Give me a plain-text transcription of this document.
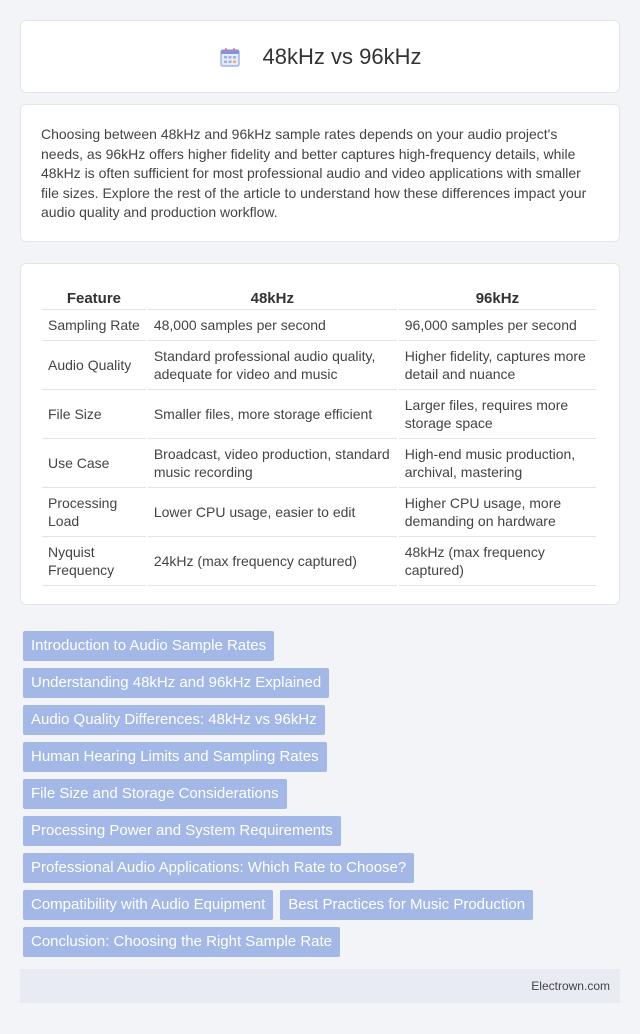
48kHz vs 96kHz

Choosing between 48kHz and 96kHz sample rates depends on your audio project's needs, as 96kHz offers higher fidelity and better captures high-frequency details, while 48kHz is often sufficient for most professional audio and video applications with smaller file sizes. Explore the rest of the article to understand how these differences impact your audio quality and production workflow.

Feature	48kHz	96kHz
Sampling Rate	48,000 samples per second	96,000 samples per second
Audio Quality	Standard professional audio quality, adequate for video and music	Higher fidelity, captures more detail and nuance
File Size	Smaller files, more storage efficient	Larger files, requires more storage space
Use Case	Broadcast, video production, standard music recording	High-end music production, archival, mastering
Processing Load	Lower CPU usage, easier to edit	Higher CPU usage, more demanding on hardware
Nyquist Frequency	24kHz (max frequency captured)	48kHz (max frequency captured)
Introduction to Audio Sample Rates
Understanding 48kHz and 96kHz Explained
Audio Quality Differences: 48kHz vs 96kHz
Human Hearing Limits and Sampling Rates
File Size and Storage Considerations
Processing Power and System Requirements
Professional Audio Applications: Which Rate to Choose?
Compatibility with Audio Equipment	Best Practices for Music Production
Conclusion: Choosing the Right Sample Rate
Electrown.com
